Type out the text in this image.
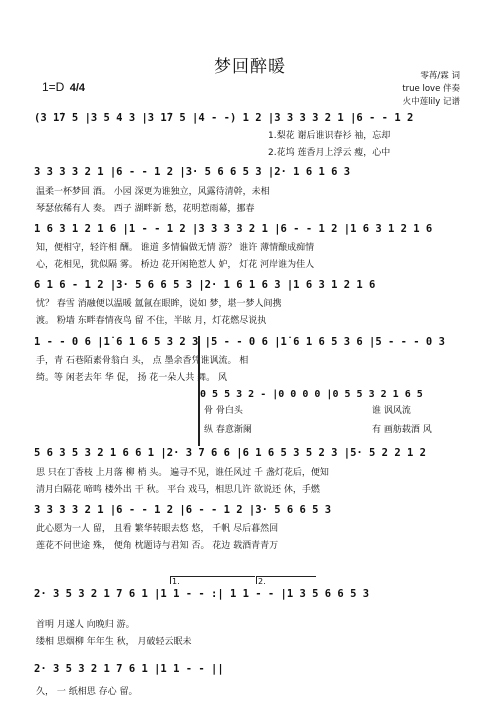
梦回醉暖
1=D 4/4
零苒/霖 词
true love 伴奏
火中莲lily 记谱
(3 1̇7 5 |3 5 4 3 |3 1̇7 5 |4 - -) 1 2 |3 3 3 3 2 1 |6 - - 1 2
1.梨花 谢后谁识春衫 袖，忘却
2.花坞 莲香月上浮云 瘦，心中
3 3 3 3 2 1 |6 - - 1 2 |3· 5 6 6 5 3 |2· 1 6 1 6 3
温柔一杯梦回 酒。 小园 深更为谁独立，风露待清幹，未相
琴瑟依稀有人 奏。 西子 湖畔新 愁，花明惹雨幕，挪春
1 6 3 1 2 1 6 |1 - - 1 2 |3 3 3 3 2 1 |6 - - 1 2 |1 6 3 1 2 1 6
知，便相守，轻许相 酬。 谁道 多情偏做无情 游？ 谁许 薄情酿成痴情
心，花相见，犹似隔 雾。 桥边 花开闲艳惹人 妒， 灯花 河岸谁为佳人
6 1 6 - 1 2 |3· 5 6 6 5 3 |2· 1 6 1 6 3 |1 6 3 1 2 1 6
忧？ 春雪 消融便以温暖 氲氤在眼眸，说如 梦，堪一梦人间携
渡。 粉墙 东畔春情夜鸟 留 不住，半眩 月，灯花燃尽说执
1 - - 0 6 |1̇ 6 1 6 5 3 2 3 |5 - - 0 6 |1̇ 6 1 6 5 3 6 |5 - - - 0 3
手，青 石巷陌素骨翁白 头， 点 墨余香凭谁讽流。 相
绮。等 闲老去年 华 促， 扬 花一朵人共 舞。 风
0 5 5 3 2 - |0 0 0 0 |0 5 5 3 2 1 6 5
骨 骨白头	谁 讽风流
纵 春意渐阑	有 画舫载酒 风
5 6 3 5 3 2 1 6 6 1 |2· 3 7 6 6 |6 1 6 5 3 5 2 3 |5· 5 2 2 1 2
思 只在丁香枝 上月落 柳 梢 头。 遍寻不见，谁任风过 千 盏灯花后，便知
清月白隔花 啼鸣 楼外出 干 秋。 平台 戏马，相思几许 欲说还 休，手燃
3 3 3 3 2 1 |6 - - 1 2 |6 - - 1 2 |3· 5 6 6 5 3
此心愿为一人 留， 且看 繁华转眼去悠 悠， 千帆 尽后暮然回
莲花不问世途 殊， 便角 枕题诗与君知 否。 花边 载酒青青万
1.	2.
2· 3 5 3 2 1 7 6 1 |1 1 - - :| 1 1 - - |1 3 5 6 6 5 3
首明 月遂人 向晚归 游。
缕相 思烟柳 年年生 秋， 月破轻云眠未
2· 3 5 3 2 1 7 6 1 |1 1 - - ||
久， 一 纸相思 存心 留。
